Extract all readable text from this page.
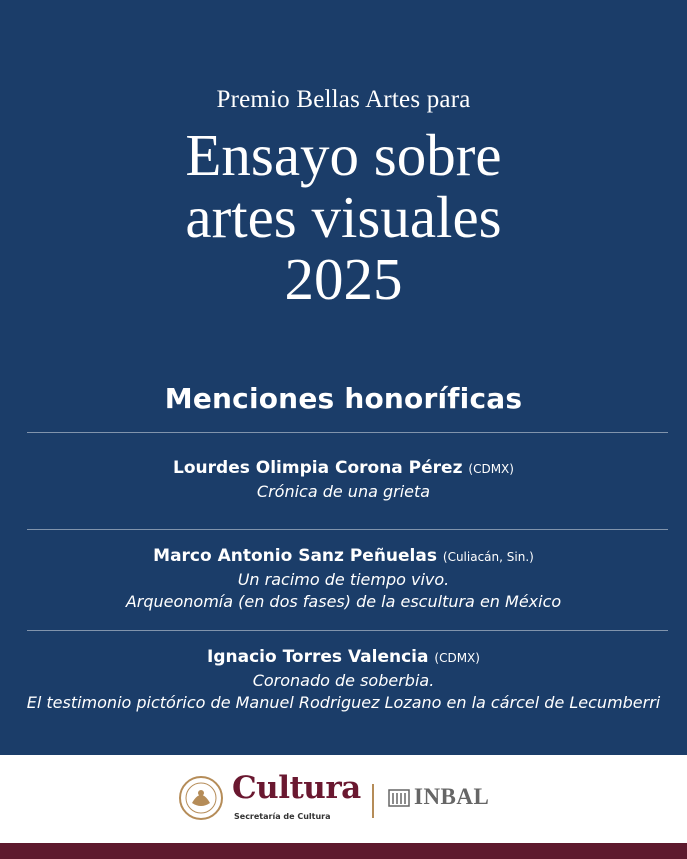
Premio Bellas Artes para
Ensayo sobre
artes visuales
2025
Menciones honoríficas
Lourdes Olimpia Corona Pérez (CDMX)
Crónica de una grieta
Marco Antonio Sanz Peñuelas (Culiacán, Sin.)
Un racimo de tiempo vivo.
Arqueonomía (en dos fases) de la escultura en México
Ignacio Torres Valencia (CDMX)
Coronado de soberbia.
El testimonio pictórico de Manuel Rodriguez Lozano en la cárcel de Lecumberri
Cultura
Secretaría de Cultura
INBAL
